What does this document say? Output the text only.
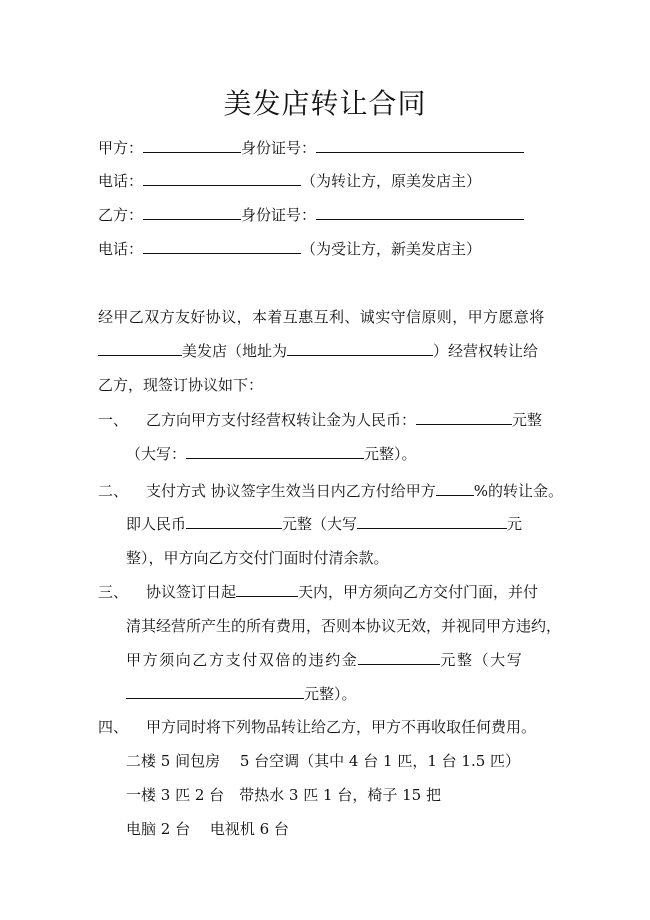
美发店转让合同
甲方：	身份证号：
电话：	（为转让方，原美发店主）
乙方：	身份证号：
电话：	（为受让方，新美发店主）
经甲乙双方友好协议，本着互惠互利、诚实守信原则，甲方愿意将
美发店（地址为	）经营权转让给
乙方，现签订协议如下：
一、 乙方向甲方支付经营权转让金为人民币：	元整
（大写：	元整）。
二、 支付方式 协议签字生效当日内乙方付给甲方	%的转让金。
即人民币	元整（大写	元
整），甲方向乙方交付门面时付清余款。
三、 协议签订日起	天内，甲方须向乙方交付门面，并付
清其经营所产生的所有费用，否则本协议无效，并视同甲方违约，
甲方须向乙方支付双倍的违约金	元整（大写
元整）。
四、 甲方同时将下列物品转让给乙方，甲方不再收取任何费用。
二楼 5 间包房　 5 台空调（其中 4 台 1 匹，1 台 1.5 匹）
一楼 3 匹 2 台　带热水 3 匹 1 台，椅子 15 把
电脑 2 台　 电视机 6 台
